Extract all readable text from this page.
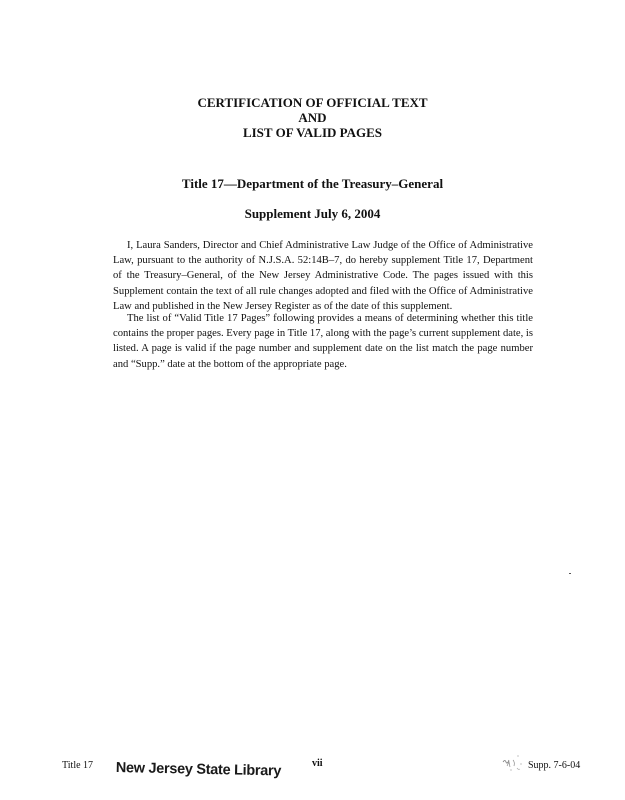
CERTIFICATION OF OFFICIAL TEXT
AND
LIST OF VALID PAGES
Title 17—Department of the Treasury–General
Supplement July 6, 2004

I, Laura Sanders, Director and Chief Administrative Law Judge of the Office of Administrative Law, pursuant to the authority of N.J.S.A. 52:14B–7, do hereby supplement Title 17, Department of the Treasury–General, of the New Jersey Administrative Code. The pages issued with this Supplement contain the text of all rule changes adopted and filed with the Office of Administrative Law and published in the New Jersey Register as of the date of this supplement.

The list of “Valid Title 17 Pages” following provides a means of determining whether this title contains the proper pages. Every page in Title 17, along with the page’s current supplement date, is listed. A page is valid if the page number and supplement date on the list match the page number and “Supp.” date at the bottom of the appropriate page.

Title 17 New Jersey State Library	vii	Supp. 7-6-04
